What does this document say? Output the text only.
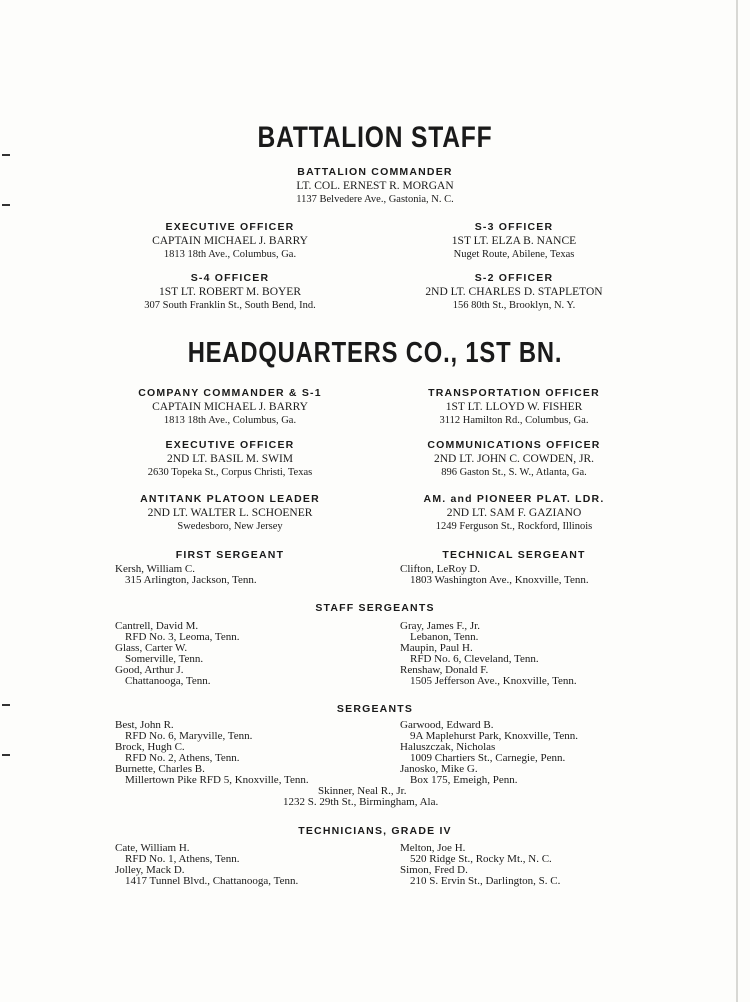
BATTALION STAFF
BATTALION COMMANDER
LT. COL. ERNEST R. MORGAN
1137 Belvedere Ave., Gastonia, N. C.
EXECUTIVE OFFICER
CAPTAIN MICHAEL J. BARRY
1813 18th Ave., Columbus, Ga.
S-3 OFFICER
1ST LT. ELZA B. NANCE
Nuget Route, Abilene, Texas
S-4 OFFICER
1ST LT. ROBERT M. BOYER
307 South Franklin St., South Bend, Ind.
S-2 OFFICER
2ND LT. CHARLES D. STAPLETON
156 80th St., Brooklyn, N. Y.
HEADQUARTERS CO., 1ST BN.
COMPANY COMMANDER & S-1
CAPTAIN MICHAEL J. BARRY
1813 18th Ave., Columbus, Ga.
TRANSPORTATION OFFICER
1ST LT. LLOYD W. FISHER
3112 Hamilton Rd., Columbus, Ga.
EXECUTIVE OFFICER
2ND LT. BASIL M. SWIM
2630 Topeka St., Corpus Christi, Texas
COMMUNICATIONS OFFICER
2ND LT. JOHN C. COWDEN, JR.
896 Gaston St., S. W., Atlanta, Ga.
ANTITANK PLATOON LEADER
2ND LT. WALTER L. SCHOENER
Swedesboro, New Jersey
AM. and PIONEER PLAT. LDR.
2ND LT. SAM F. GAZIANO
1249 Ferguson St., Rockford, Illinois
FIRST SERGEANT	TECHNICAL SERGEANT
Kersh, William C.
315 Arlington, Jackson, Tenn.
Clifton, LeRoy D.
1803 Washington Ave., Knoxville, Tenn.
STAFF SERGEANTS
Cantrell, David M.
RFD No. 3, Leoma, Tenn.
Glass, Carter W.
Somerville, Tenn.
Good, Arthur J.
Chattanooga, Tenn.
Gray, James F., Jr.
Lebanon, Tenn.
Maupin, Paul H.
RFD No. 6, Cleveland, Tenn.
Renshaw, Donald F.
1505 Jefferson Ave., Knoxville, Tenn.
SERGEANTS
Best, John R.
RFD No. 6, Maryville, Tenn.
Brock, Hugh C.
RFD No. 2, Athens, Tenn.
Burnette, Charles B.
Millertown Pike RFD 5, Knoxville, Tenn.
Garwood, Edward B.
9A Maplehurst Park, Knoxville, Tenn.
Haluszczak, Nicholas
1009 Chartiers St., Carnegie, Penn.
Janosko, Mike G.
Box 175, Emeigh, Penn.
Skinner, Neal R., Jr.
1232 S. 29th St., Birmingham, Ala.
TECHNICIANS, GRADE IV
Cate, William H.
RFD No. 1, Athens, Tenn.
Jolley, Mack D.
1417 Tunnel Blvd., Chattanooga, Tenn.
Melton, Joe H.
520 Ridge St., Rocky Mt., N. C.
Simon, Fred D.
210 S. Ervin St., Darlington, S. C.
